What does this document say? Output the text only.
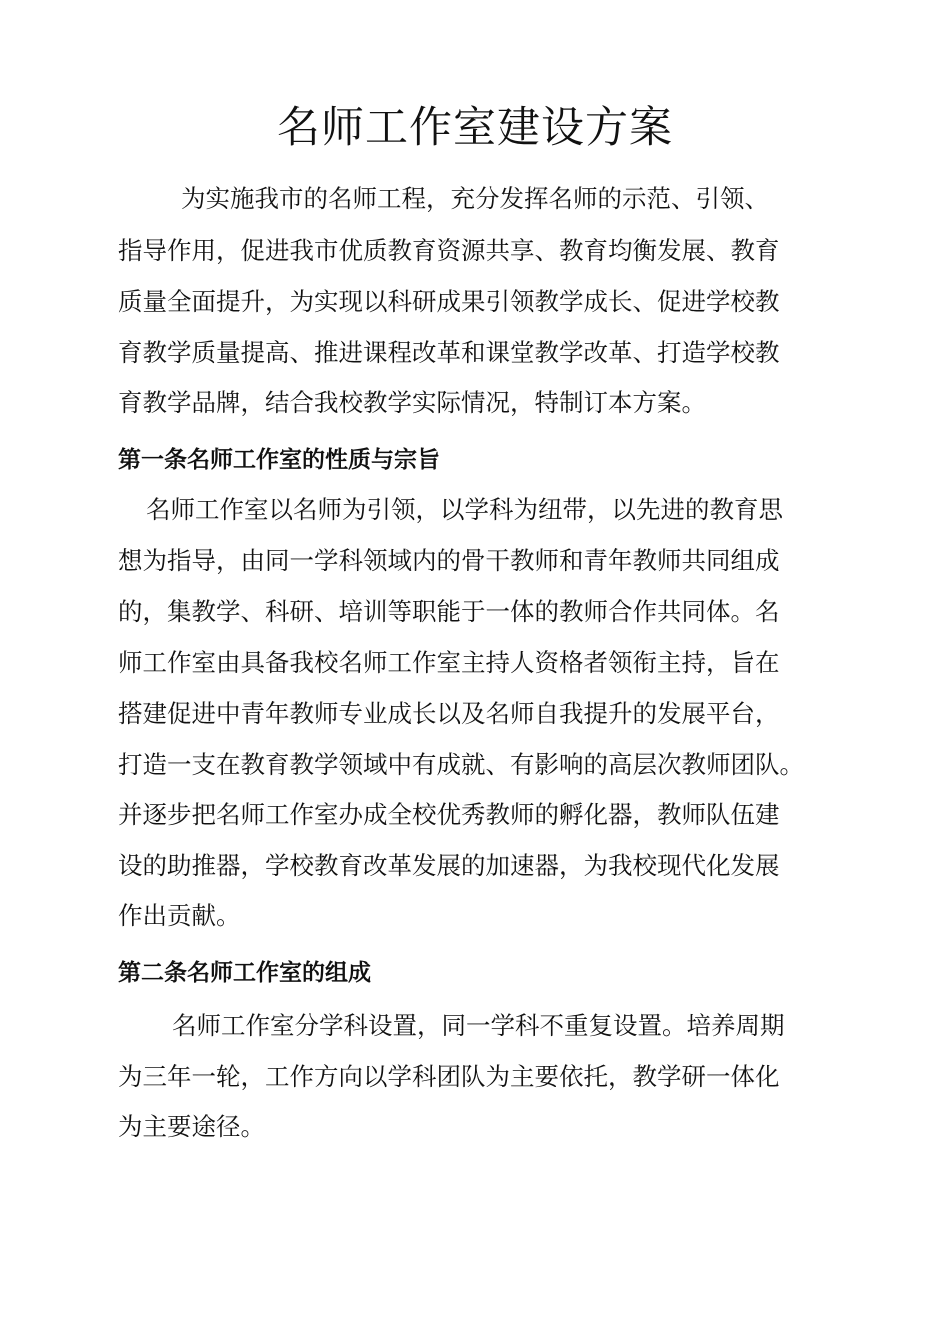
名师工作室建设方案

为实施我市的名师工程，充分发挥名师的示范、引领、

指导作用，促进我市优质教育资源共享、教育均衡发展、教育

质量全面提升，为实现以科研成果引领教学成长、促进学校教

育教学质量提高、推进课程改革和课堂教学改革、打造学校教

育教学品牌，结合我校教学实际情况，特制订本方案。

第一条名师工作室的性质与宗旨

名师工作室以名师为引领，以学科为纽带，以先进的教育思

想为指导，由同一学科领域内的骨干教师和青年教师共同组成

的，集教学、科研、培训等职能于一体的教师合作共同体。名

师工作室由具备我校名师工作室主持人资格者领衔主持，旨在

搭建促进中青年教师专业成长以及名师自我提升的发展平台，

打造一支在教育教学领域中有成就、有影响的高层次教师团队。

并逐步把名师工作室办成全校优秀教师的孵化器，教师队伍建

设的助推器，学校教育改革发展的加速器，为我校现代化发展

作出贡献。

第二条名师工作室的组成

名师工作室分学科设置，同一学科不重复设置。培养周期

为三年一轮，工作方向以学科团队为主要依托，教学研一体化

为主要途径。
